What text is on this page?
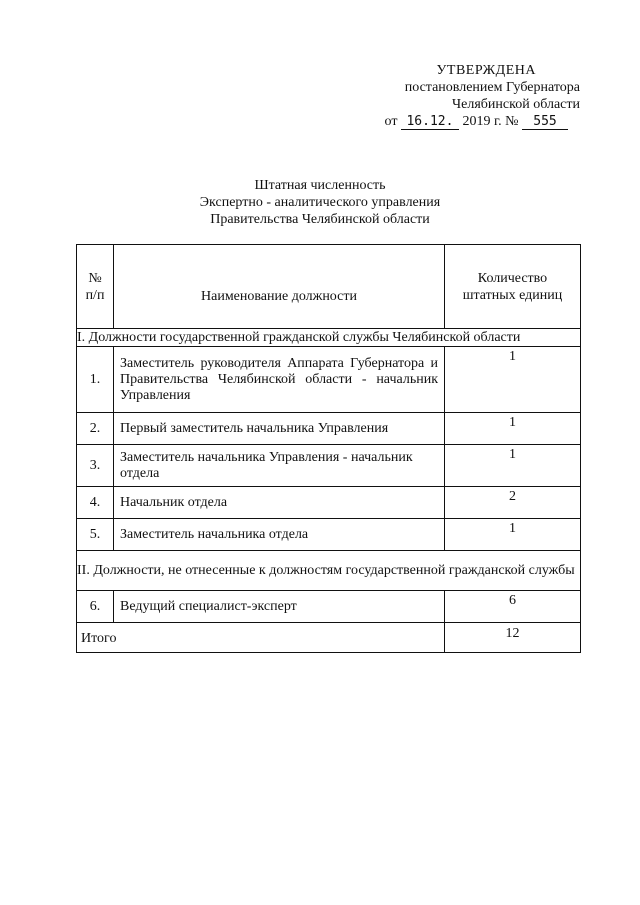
УТВЕРЖДЕНА
постановлением Губернатора
Челябинской области
от 16.12. 2019 г. № 555
Штатная численность
Экспертно - аналитического управления
Правительства Челябинской области
№
п/п	Наименование должности	Количество
штатных единиц
I. Должности государственной гражданской службы Челябинской области		
1.	Заместитель руководителя Аппарата Губернатора и Правительства Челябинской области - начальник Управления	1
2.	Первый заместитель начальника Управления	1
3.	Заместитель начальника Управления - начальник отдела	1
4.	Начальник отдела	2
5.	Заместитель начальника отдела	1
II. Должности, не отнесенные к должностям государственной гражданской службы		
6.	Ведущий специалист-эксперт	6
Итого		12
